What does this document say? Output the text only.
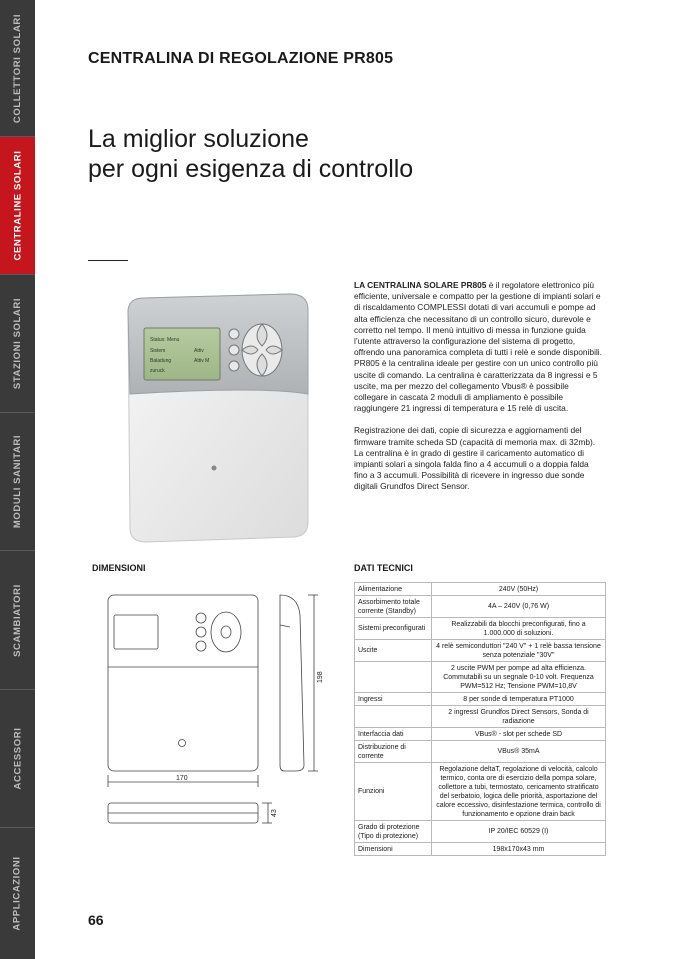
COLLETTORI SOLARI
CENTRALINE SOLARI
STAZIONI SOLARI
MODULI SANITARI
SCAMBIATORI
ACCESSORI
APPLICAZIONI
CENTRALINA DI REGOLAZIONE PR805
La miglior soluzione
per ogni esigenza di controllo
Status: Menu
Sistem	Attiv
Baladung	Attiv M
zuruck

LA CENTRALINA SOLARE PR805 è il regolatore elettronico più efficiente, universale e compatto per la gestione di impianti solari e di riscaldamento COMPLESSI dotati di vari accumuli e pompe ad alta efficienza che necessitano di un controllo sicuro, durevole e corretto nel tempo. Il menù intuitivo di messa in funzione guida l’utente attraverso la configurazione del sistema di progetto, offrendo una panoramica completa di tutti i relè e sonde disponibili.

PR805 è la centralina ideale per gestire con un unico controllo più uscite di comando. La centralina è caratterizzata da 8 ingressi e 5 uscite, ma per mezzo del collegamento Vbus® è possibile collegare in cascata 2 moduli di ampliamento è possibile raggiungere 21 ingressi di temperatura e 15 relè di uscita.

Registrazione dei dati, copie di sicurezza e aggiornamenti del firmware tramite scheda SD (capacità di memoria max. di 32mb). La centralina è in grado di gestire il caricamento automatico di impianti solari a singola falda fino a 4 accumuli o a doppia falda fino a 3 accumuli. Possibilità di ricevere in ingresso due sonde digitali Grundfos Direct Sensor.

DIMENSIONI	DATI TECNICI
170
198
43
Alimentazione	240V (50Hz)
Assorbimento totale corrente (Standby)	4A – 240V (0,76 W)
Sistemi preconfigurati	Realizzabili da blocchi preconfigurati, fino a 1.000.000 di soluzioni.
Uscite	4 relè semiconduttori "240 V" + 1 relè bassa tensione senza potenziale "30V"
	2 uscite PWM per pompe ad alta efficienza. Commutabili su un segnale 0-10 volt. Frequenza PWM=512 Hz; Tensione PWM=10,8V
Ingressi	8 per sonde di temperatura PT1000
	2 ingressI Grundfos Direct Sensors, Sonda di radiazione
Interfaccia dati	VBus® - slot per schede SD
Distribuzione di corrente	VBus® 35mA
Funzioni	Regolazione deltaT, regolazione di velocità, calcolo termico, conta ore di esercizio della pompa solare, collettore a tubi, termostato, cericamento stratificato del serbatoio, logica delle priorità, asportazione del calore eccessivo, disinfestazione termica, controllo di funzionamento e opzione drain back
Grado di protezione (Tipo di protezione)	IP 20/IEC 60529 (I)
Dimensioni	198x170x43 mm
66
